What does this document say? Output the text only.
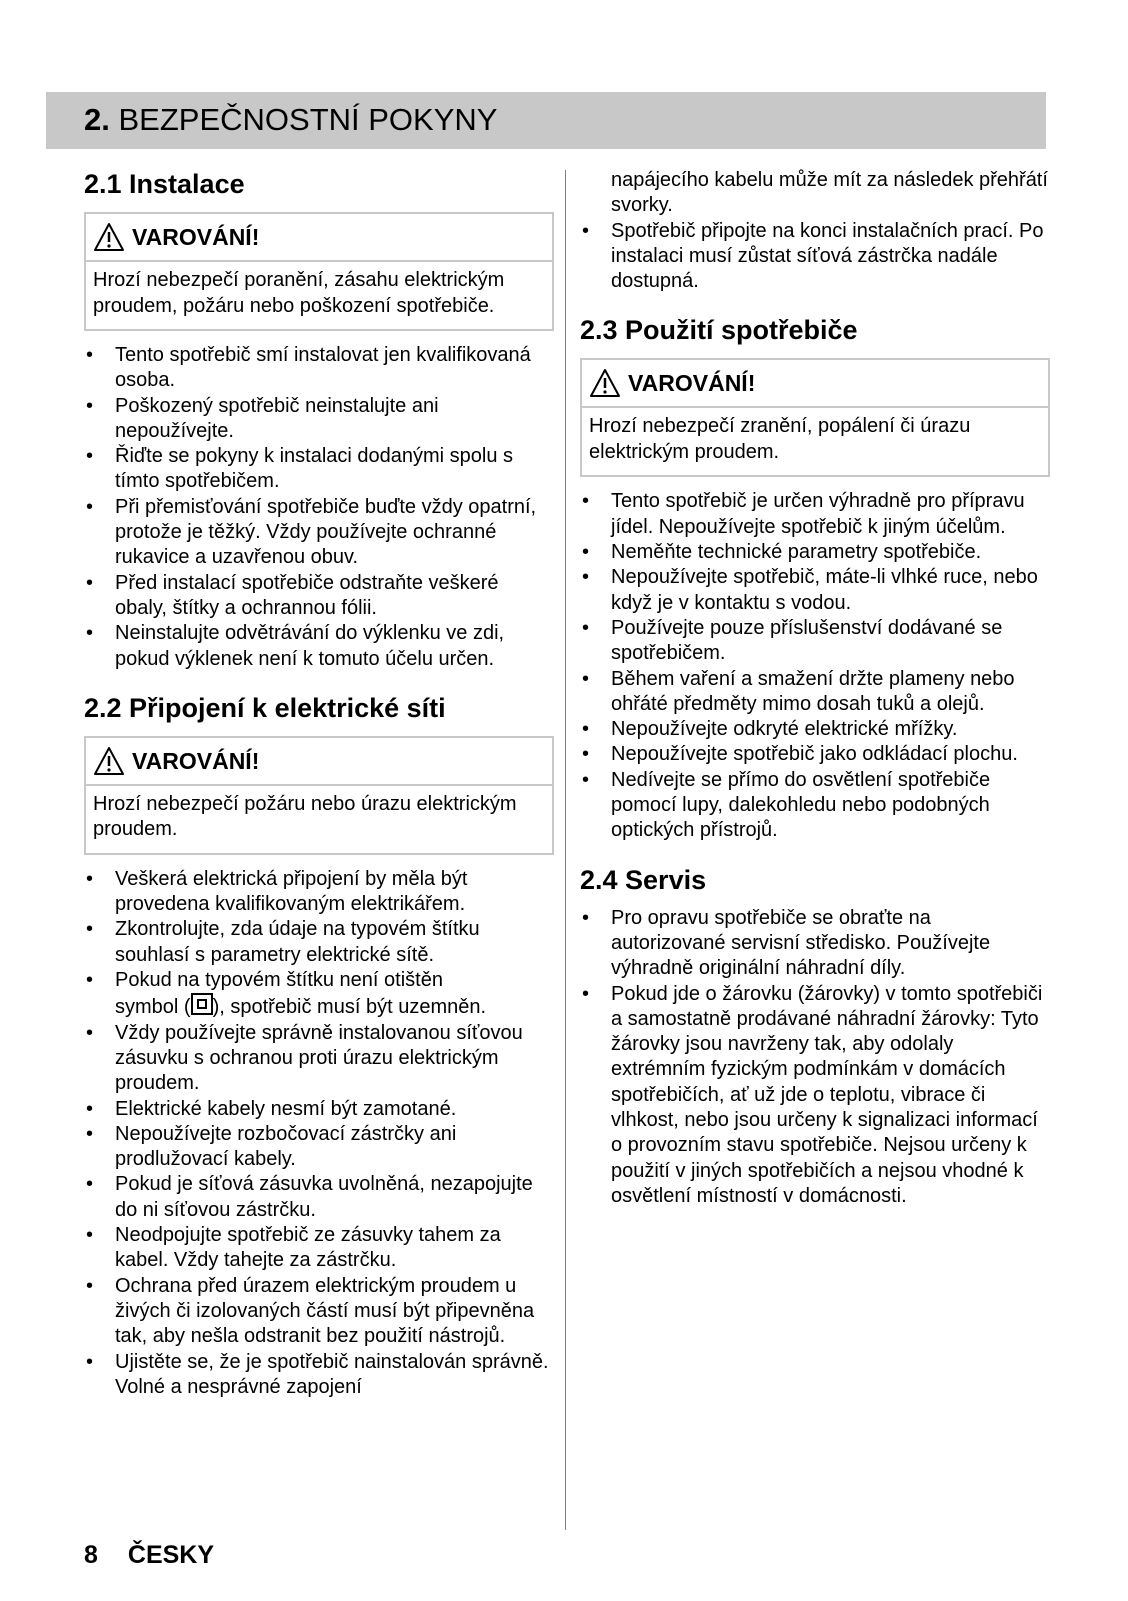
2. BEZPEČNOSTNÍ POKYNY
2.1 Instalace
VAROVÁNÍ!
Hrozí nebezpečí poranění, zásahu elektrickým proudem, požáru nebo poškození spotřebiče.
• Tento spotřebič smí instalovat jen kvalifikovaná osoba.
• Poškozený spotřebič neinstalujte ani nepoužívejte.
• Řiďte se pokyny k instalaci dodanými spolu s tímto spotřebičem.
• Při přemisťování spotřebiče buďte vždy opatrní, protože je těžký. Vždy používejte ochranné rukavice a uzavřenou obuv.
• Před instalací spotřebiče odstraňte veškeré obaly, štítky a ochrannou fólii.
• Neinstalujte odvětrávání do výklenku ve zdi, pokud výklenek není k tomuto účelu určen.
2.2 Připojení k elektrické síti
VAROVÁNÍ!
Hrozí nebezpečí požáru nebo úrazu elektrickým proudem.
• Veškerá elektrická připojení by měla být provedena kvalifikovaným elektrikářem.
• Zkontrolujte, zda údaje na typovém štítku souhlasí s parametry elektrické sítě.
• Pokud na typovém štítku není otištěn
symbol ( ), spotřebič musí být uzemněn.
• Vždy používejte správně instalovanou síťovou zásuvku s ochranou proti úrazu elektrickým proudem.
• Elektrické kabely nesmí být zamotané.
• Nepoužívejte rozbočovací zástrčky ani prodlužovací kabely.
• Pokud je síťová zásuvka uvolněná, nezapojujte do ni síťovou zástrčku.
• Neodpojujte spotřebič ze zásuvky tahem za kabel. Vždy tahejte za zástrčku.
• Ochrana před úrazem elektrickým proudem u živých či izolovaných částí musí být připevněna tak, aby nešla odstranit bez použití nástrojů.
• Ujistěte se, že je spotřebič nainstalován správně. Volné a nesprávné zapojení
napájecího kabelu může mít za následek přehřátí svorky.
• Spotřebič připojte na konci instalačních prací. Po instalaci musí zůstat síťová zástrčka nadále dostupná.
2.3 Použití spotřebiče
VAROVÁNÍ!
Hrozí nebezpečí zranění, popálení či úrazu elektrickým proudem.
• Tento spotřebič je určen výhradně pro přípravu jídel. Nepoužívejte spotřebič k jiným účelům.
• Neměňte technické parametry spotřebiče.
• Nepoužívejte spotřebič, máte-li vlhké ruce, nebo když je v kontaktu s vodou.
• Používejte pouze příslušenství dodávané se spotřebičem.
• Během vaření a smažení držte plameny nebo ohřáté předměty mimo dosah tuků a olejů.
• Nepoužívejte odkryté elektrické mřížky.
• Nepoužívejte spotřebič jako odkládací plochu.
• Nedívejte se přímo do osvětlení spotřebiče pomocí lupy, dalekohledu nebo podobných optických přístrojů.
2.4 Servis
• Pro opravu spotřebiče se obraťte na autorizované servisní středisko. Používejte výhradně originální náhradní díly.
• Pokud jde o žárovku (žárovky) v tomto spotřebiči a samostatně prodávané náhradní žárovky: Tyto žárovky jsou navrženy tak, aby odolaly extrémním fyzickým podmínkám v domácích spotřebičích, ať už jde o teplotu, vibrace či vlhkost, nebo jsou určeny k signalizaci informací o provozním stavu spotřebiče. Nejsou určeny k použití v jiných spotřebičích a nejsou vhodné k osvětlení místností v domácnosti.
8 ČESKY
